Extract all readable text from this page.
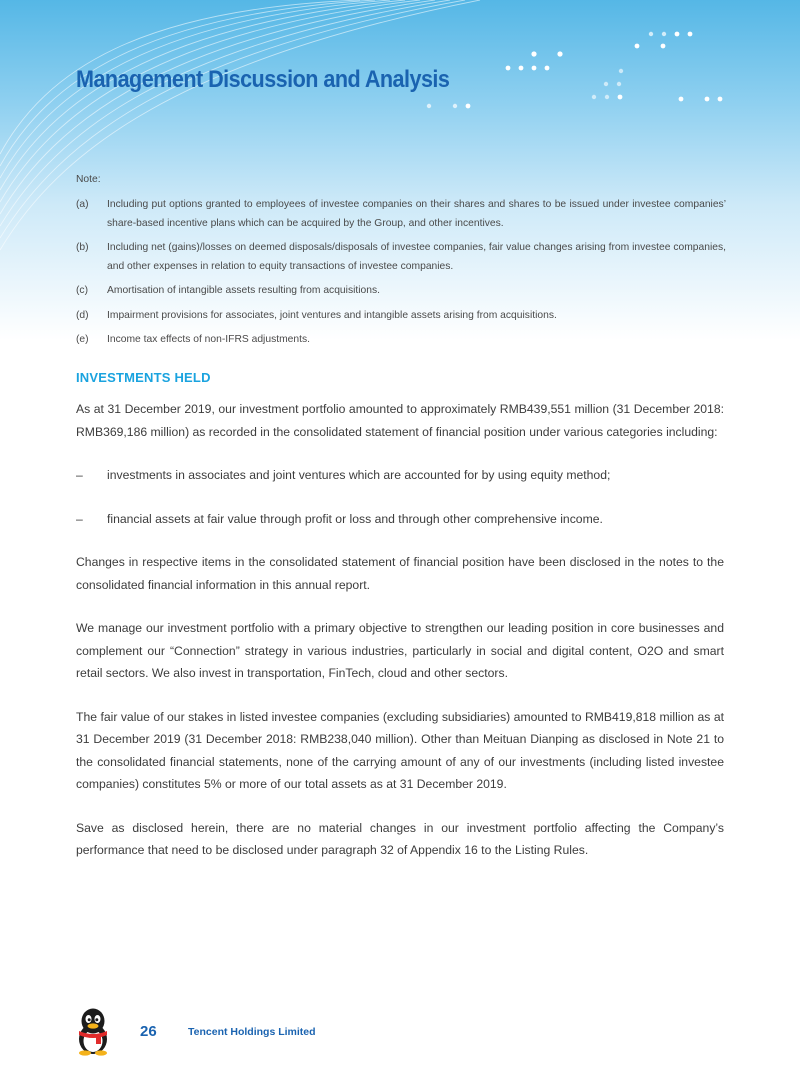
Management Discussion and Analysis

Note:

(a)	Including put options granted to employees of investee companies on their shares and shares to be issued under investee companies’ share-based incentive plans which can be acquired by the Group, and other incentives.
(b)	Including net (gains)/losses on deemed disposals/disposals of investee companies, fair value changes arising from investee companies, and other expenses in relation to equity transactions of investee companies.
(c)	Amortisation of intangible assets resulting from acquisitions.
(d)	Impairment provisions for associates, joint ventures and intangible assets arising from acquisitions.
(e)	Income tax effects of non-IFRS adjustments.
INVESTMENTS HELD

As at 31 December 2019, our investment portfolio amounted to approximately RMB439,551 million (31 December 2018: RMB369,186 million) as recorded in the consolidated statement of financial position under various categories including:

–	investments in associates and joint ventures which are accounted for by using equity method;
–	financial assets at fair value through profit or loss and through other comprehensive income.

Changes in respective items in the consolidated statement of financial position have been disclosed in the notes to the consolidated financial information in this annual report.

We manage our investment portfolio with a primary objective to strengthen our leading position in core businesses and complement our “Connection” strategy in various industries, particularly in social and digital content, O2O and smart retail sectors. We also invest in transportation, FinTech, cloud and other sectors.

The fair value of our stakes in listed investee companies (excluding subsidiaries) amounted to RMB419,818 million as at 31 December 2019 (31 December 2018: RMB238,040 million). Other than Meituan Dianping as disclosed in Note 21 to the consolidated financial statements, none of the carrying amount of any of our investments (including listed investee companies) constitutes 5% or more of our total assets as at 31 December 2019.

Save as disclosed herein, there are no material changes in our investment portfolio affecting the Company’s performance that need to be disclosed under paragraph 32 of Appendix 16 to the Listing Rules.

26	Tencent Holdings Limited
